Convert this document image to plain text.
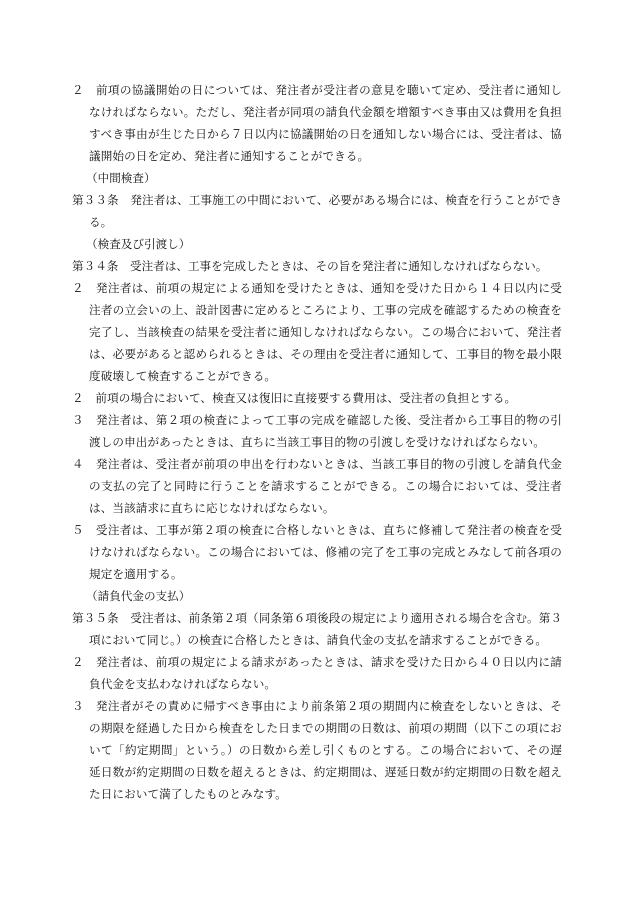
２　前項の協議開始の日については、発注者が受注者の意見を聴いて定め、受注者に通知しなければならない。ただし、発注者が同項の請負代金額を増額すべき事由又は費用を負担すべき事由が生じた日から７日以内に協議開始の日を通知しない場合には、受注者は、協議開始の日を定め、発注者に通知することができる。

（中間検査）

第３３条　発注者は、工事施工の中間において、必要がある場合には、検査を行うことができる。

（検査及び引渡し）

第３４条　受注者は、工事を完成したときは、その旨を発注者に通知しなければならない。

２　発注者は、前項の規定による通知を受けたときは、通知を受けた日から１４日以内に受注者の立会いの上、設計図書に定めるところにより、工事の完成を確認するための検査を完了し、当該検査の結果を受注者に通知しなければならない。この場合において、発注者は、必要があると認められるときは、その理由を受注者に通知して、工事目的物を最小限度破壊して検査することができる。

２　前項の場合において、検査又は復旧に直接要する費用は、受注者の負担とする。

３　発注者は、第２項の検査によって工事の完成を確認した後、受注者から工事目的物の引渡しの申出があったときは、直ちに当該工事目的物の引渡しを受けなければならない。

４　発注者は、受注者が前項の申出を行わないときは、当該工事目的物の引渡しを請負代金の支払の完了と同時に行うことを請求することができる。この場合においては、受注者は、当該請求に直ちに応じなければならない。

５　受注者は、工事が第２項の検査に合格しないときは、直ちに修補して発注者の検査を受けなければならない。この場合においては、修補の完了を工事の完成とみなして前各項の規定を適用する。

（請負代金の支払）

第３５条　受注者は、前条第２項（同条第６項後段の規定により適用される場合を含む。第３項において同じ。）の検査に合格したときは、請負代金の支払を請求することができる。

２　発注者は、前項の規定による請求があったときは、請求を受けた日から４０日以内に請負代金を支払わなければならない。

３　発注者がその責めに帰すべき事由により前条第２項の期間内に検査をしないときは、その期限を経過した日から検査をした日までの期間の日数は、前項の期間（以下この項において「約定期間」という。）の日数から差し引くものとする。この場合において、その遅延日数が約定期間の日数を超えるときは、約定期間は、遅延日数が約定期間の日数を超えた日において満了したものとみなす。
